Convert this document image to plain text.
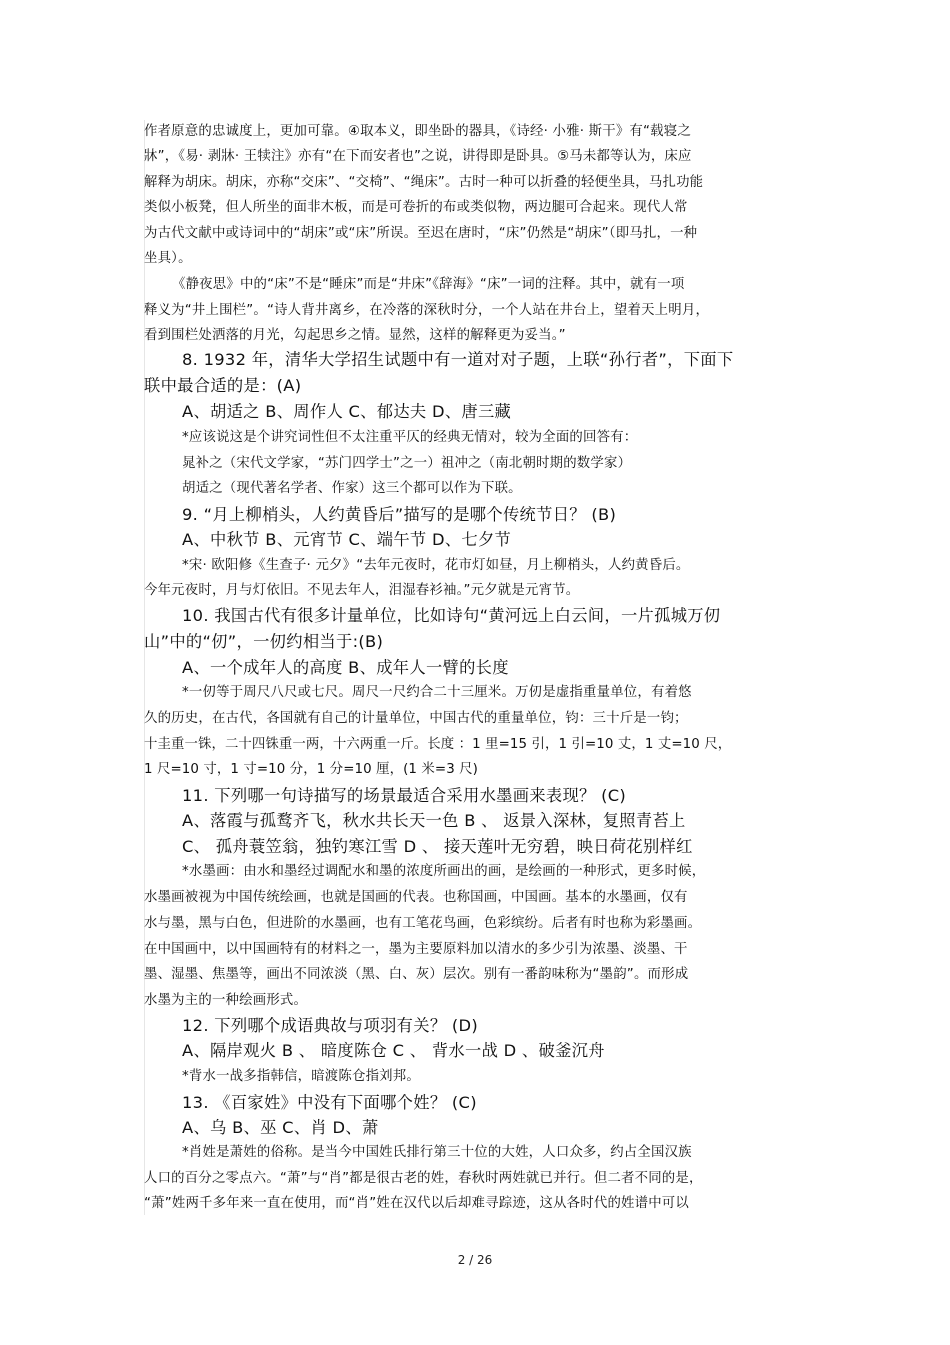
作者原意的忠诚度上，更加可靠。④取本义，即坐卧的器具，《诗经· 小雅· 斯干》有“载寝之
牀”，《易· 剥牀· 王犊注》亦有“在下而安者也”之说，讲得即是卧具。⑤马未都等认为，床应
解释为胡床。胡床，亦称“交床”、“交椅”、“绳床”。古时一种可以折叠的轻便坐具，马扎功能
类似小板凳，但人所坐的面非木板，而是可卷折的布或类似物，两边腿可合起来。现代人常
为古代文献中或诗词中的“胡床”或“床”所误。至迟在唐时，“床”仍然是“胡床”（即马扎，一种
坐具）。
《静夜思》中的“床”不是“睡床”而是“井床”《辞海》“床”一词的注释。其中，就有一项
释义为“井上围栏”。“诗人背井离乡，在冷落的深秋时分，一个人站在井台上，望着天上明月，
看到围栏处洒落的月光，勾起思乡之情。显然，这样的解释更为妥当。”
8. 1932 年，清华大学招生试题中有一道对对子题，上联“孙行者”，下面下
联中最合适的是：(A)
A、胡适之 B、周作人 C、郁达夫 D、唐三藏
*应该说这是个讲究词性但不太注重平仄的经典无情对，较为全面的回答有：
晁补之（宋代文学家，“苏门四学士”之一）祖冲之（南北朝时期的数学家）
胡适之（现代著名学者、作家）这三个都可以作为下联。
9. “月上柳梢头，人约黄昏后”描写的是哪个传统节日？ (B)
A、中秋节 B、元宵节 C、端午节 D、七夕节
*宋· 欧阳修《生查子· 元夕》“去年元夜时，花市灯如昼，月上柳梢头，人约黄昏后。
今年元夜时，月与灯依旧。不见去年人，泪湿春衫袖。”元夕就是元宵节。
10. 我国古代有很多计量单位，比如诗句“黄河远上白云间，一片孤城万仞
山”中的“仞”，一仞约相当于:(B)
A、一个成年人的高度 B、成年人一臂的长度
*一仞等于周尺八尺或七尺。周尺一尺约合二十三厘米。万仞是虚指重量单位，有着悠
久的历史，在古代，各国就有自己的计量单位，中国古代的重量单位，钧：三十斤是一钧；
十圭重一铢，二十四铢重一两，十六两重一斤。长度 ：1 里=15 引，1 引=10 丈，1 丈=10 尺，
1 尺=10 寸，1 寸=10 分，1 分=10 厘，(1 米=3 尺)
11. 下列哪一句诗描写的场景最适合采用水墨画来表现？ (C)
A、落霞与孤鹜齐飞，秋水共长天一色 B 、 返景入深林，复照青苔上
C、 孤舟蓑笠翁，独钓寒江雪 D 、 接天莲叶无穷碧，映日荷花别样红
*水墨画：由水和墨经过调配水和墨的浓度所画出的画，是绘画的一种形式，更多时候，
水墨画被视为中国传统绘画，也就是国画的代表。也称国画，中国画。基本的水墨画，仅有
水与墨，黑与白色，但进阶的水墨画，也有工笔花鸟画，色彩缤纷。后者有时也称为彩墨画。
在中国画中，以中国画特有的材料之一，墨为主要原料加以清水的多少引为浓墨、淡墨、干
墨、湿墨、焦墨等，画出不同浓淡（黑、白、灰）层次。别有一番韵味称为“墨韵”。而形成
水墨为主的一种绘画形式。
12. 下列哪个成语典故与项羽有关？ (D)
A、隔岸观火 B 、 暗度陈仓 C 、 背水一战 D 、破釜沉舟
*背水一战多指韩信，暗渡陈仓指刘邦。
13. 《百家姓》中没有下面哪个姓？ (C)
A、乌 B、巫 C、肖 D、萧
*肖姓是萧姓的俗称。是当今中国姓氏排行第三十位的大姓，人口众多，约占全国汉族
人口的百分之零点六。“萧”与“肖”都是很古老的姓，春秋时两姓就已并行。但二者不同的是，
“萧”姓两千多年来一直在使用，而“肖”姓在汉代以后却难寻踪迹，这从各时代的姓谱中可以
2 / 26
